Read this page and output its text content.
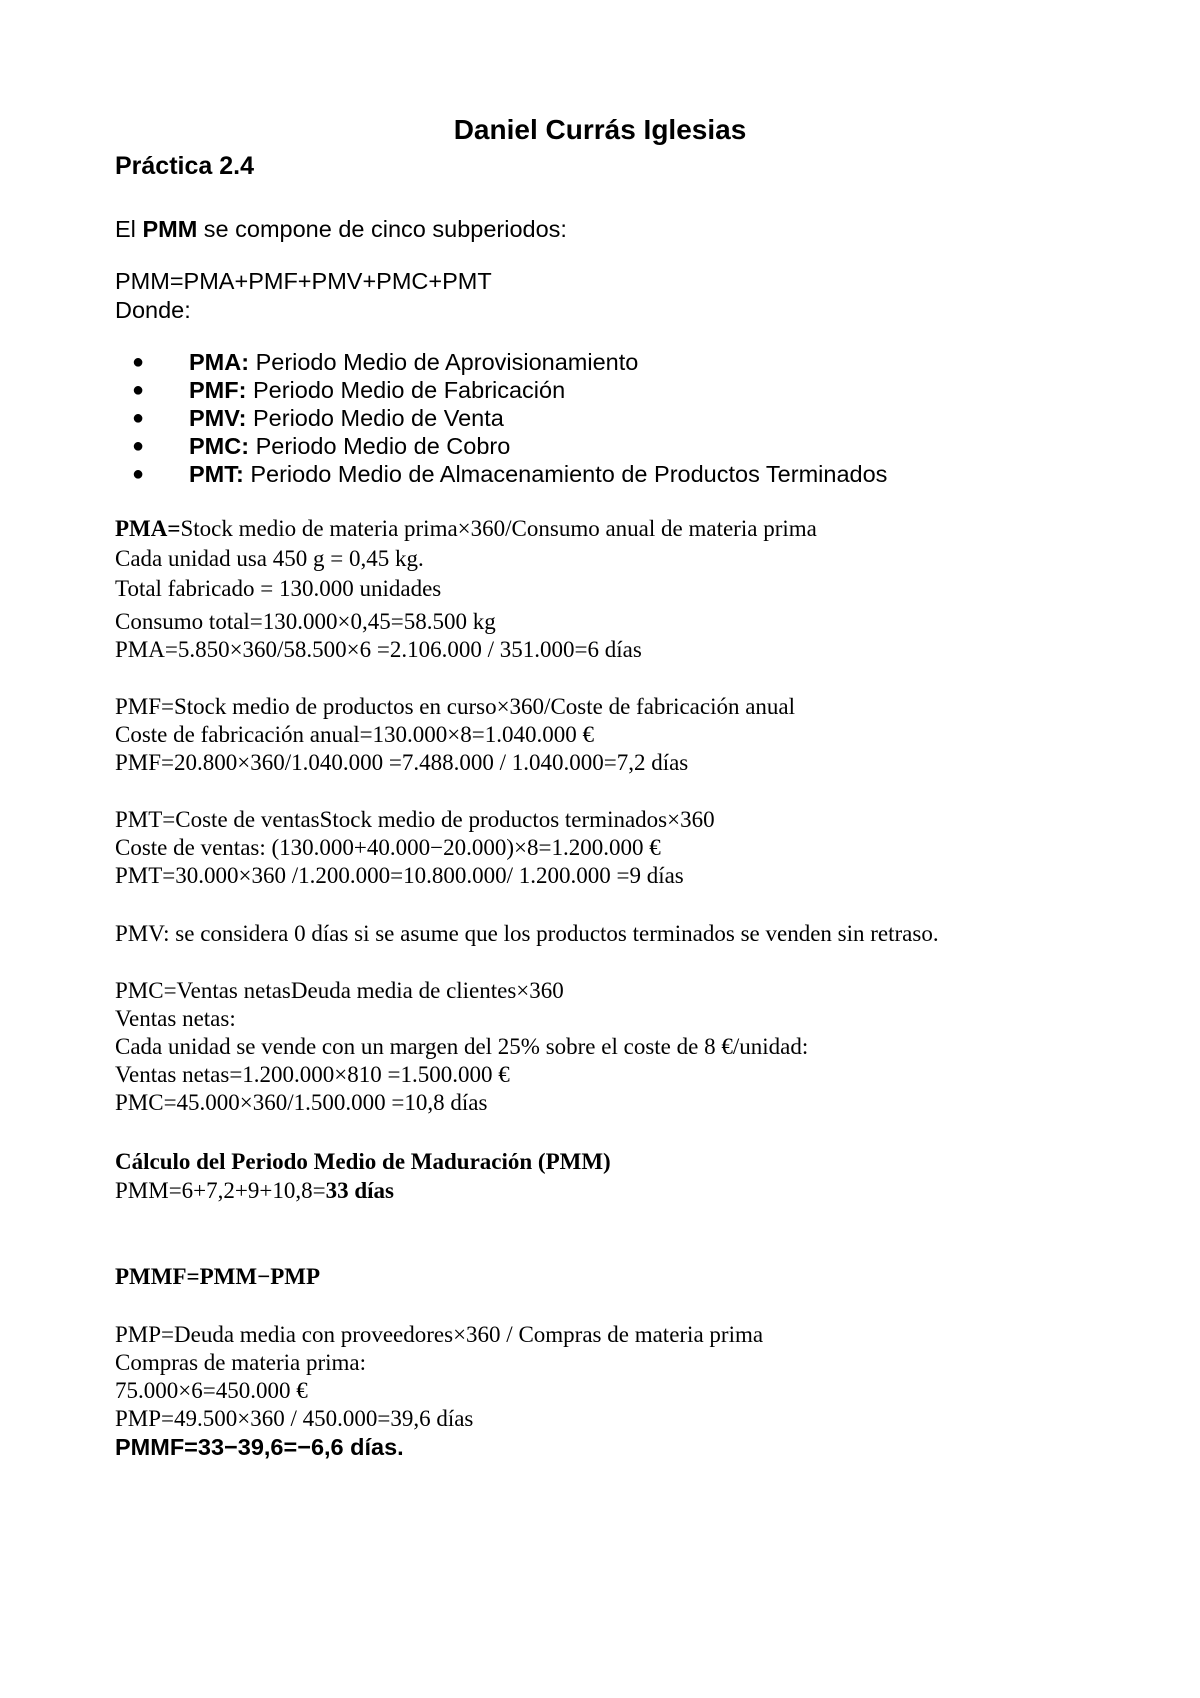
Daniel Currás Iglesias
Práctica 2.4
El PMM se compone de cinco subperiodos:
PMM=PMA+PMF+PMV+PMC+PMT
Donde:
● PMA: Periodo Medio de Aprovisionamiento
● PMF: Periodo Medio de Fabricación
● PMV: Periodo Medio de Venta
● PMC: Periodo Medio de Cobro
● PMT: Periodo Medio de Almacenamiento de Productos Terminados
PMA=Stock medio de materia prima×360/Consumo anual de materia prima
Cada unidad usa 450 g = 0,45 kg.
Total fabricado = 130.000 unidades
Consumo total=130.000×0,45=58.500 kg
PMA=5.850×360/58.500×6 =2.106.000 / 351.000=6 días
PMF=Stock medio de productos en curso×360/Coste de fabricación anual
Coste de fabricación anual=130.000×8=1.040.000 €
PMF=20.800×360/1.040.000 =7.488.000 / 1.040.000=7,2 días
PMT=Coste de ventasStock medio de productos terminados×360
Coste de ventas: (130.000+40.000−20.000)×8=1.200.000 €
PMT=30.000×360 /1.200.000=10.800.000/ 1.200.000 =9 días
PMV: se considera 0 días si se asume que los productos terminados se venden sin retraso.
PMC=Ventas netasDeuda media de clientes×360
Ventas netas:
Cada unidad se vende con un margen del 25% sobre el coste de 8 €/unidad:
Ventas netas=1.200.000×810 =1.500.000 €
PMC=45.000×360/1.500.000 =10,8 días
Cálculo del Periodo Medio de Maduración (PMM)
PMM=6+7,2+9+10,8=33 días
PMMF=PMM−PMP
PMP=Deuda media con proveedores×360 / Compras de materia prima
Compras de materia prima:
75.000×6=450.000 €
PMP=49.500×360 / 450.000=39,6 días
PMMF=33−39,6=−6,6 días.
